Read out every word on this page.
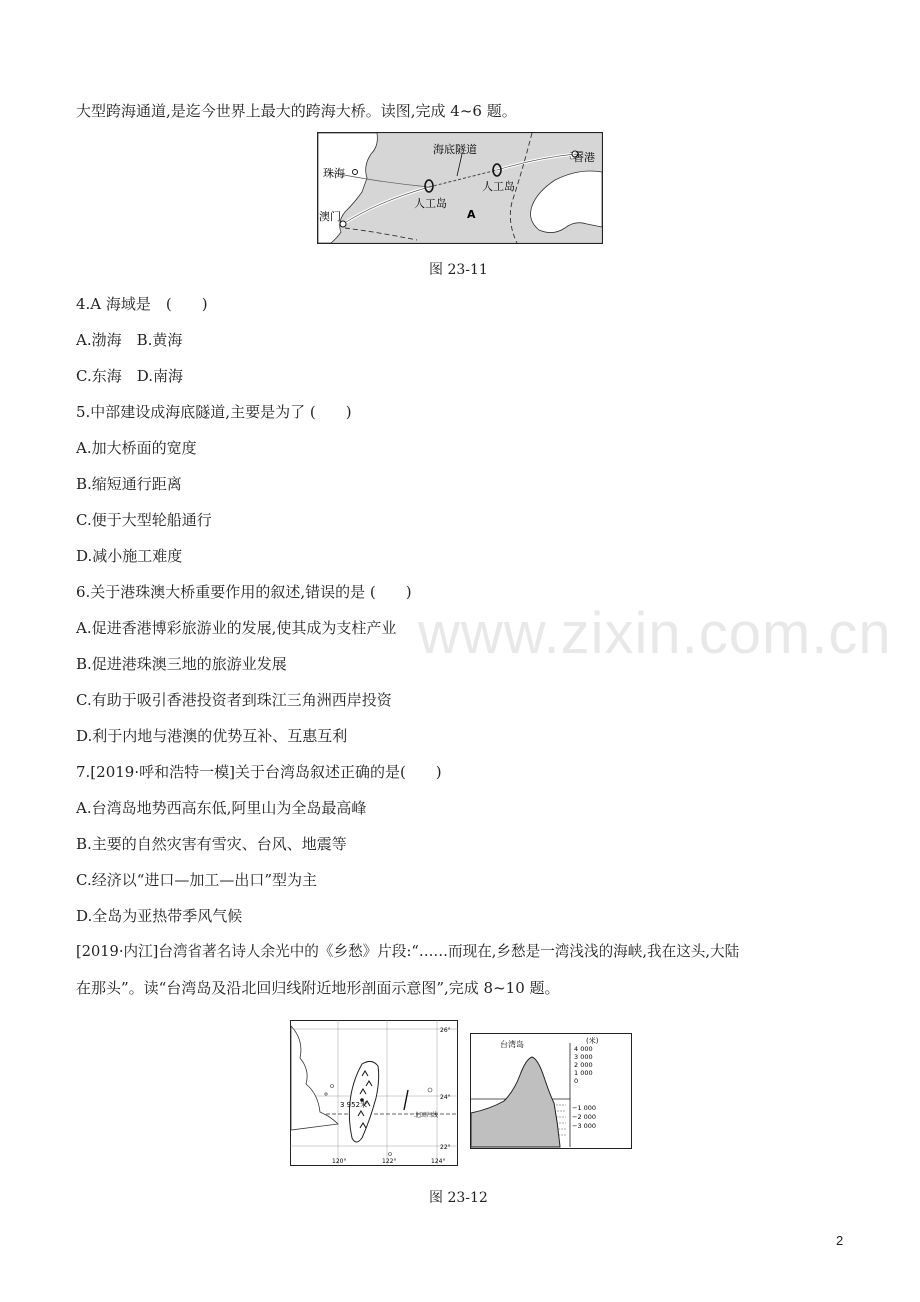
大型跨海通道,是迄今世界上最大的跨海大桥。读图,完成 4~6 题。
海底隧道
香港
珠海
人工岛
人工岛
A
澳门
图 23-11
4.A 海域是　(　　)
A.渤海　B.黄海
C.东海　D.南海
5.中部建设成海底隧道,主要是为了 (　　)
A.加大桥面的宽度
B.缩短通行距离
C.便于大型轮船通行
D.减小施工难度
6.关于港珠澳大桥重要作用的叙述,错误的是 (　　)
A.促进香港博彩旅游业的发展,使其成为支柱产业
B.促进港珠澳三地的旅游业发展
C.有助于吸引香港投资者到珠江三角洲西岸投资
D.利于内地与港澳的优势互补、互惠互利
7.[2019·呼和浩特一模]关于台湾岛叙述正确的是(　　)
A.台湾岛地势西高东低,阿里山为全岛最高峰
B.主要的自然灾害有雪灾、台风、地震等
C.经济以“进口—加工—出口”型为主
D.全岛为亚热带季风气候
[2019·内江]台湾省著名诗人余光中的《乡愁》片段:“……而现在,乡愁是一湾浅浅的海峡,我在这头,大陆
在那头”。读“台湾岛及沿北回归线附近地形剖面示意图”,完成 8~10 题。
26°
24°
22°
120°	122°	124°
3 952米
北回归线
台湾岛	(米)
4 000
3 000
2 000
1 000
0
−1 000
−2 000
−3 000
图 23-12
www.zixin.com.cn
2
